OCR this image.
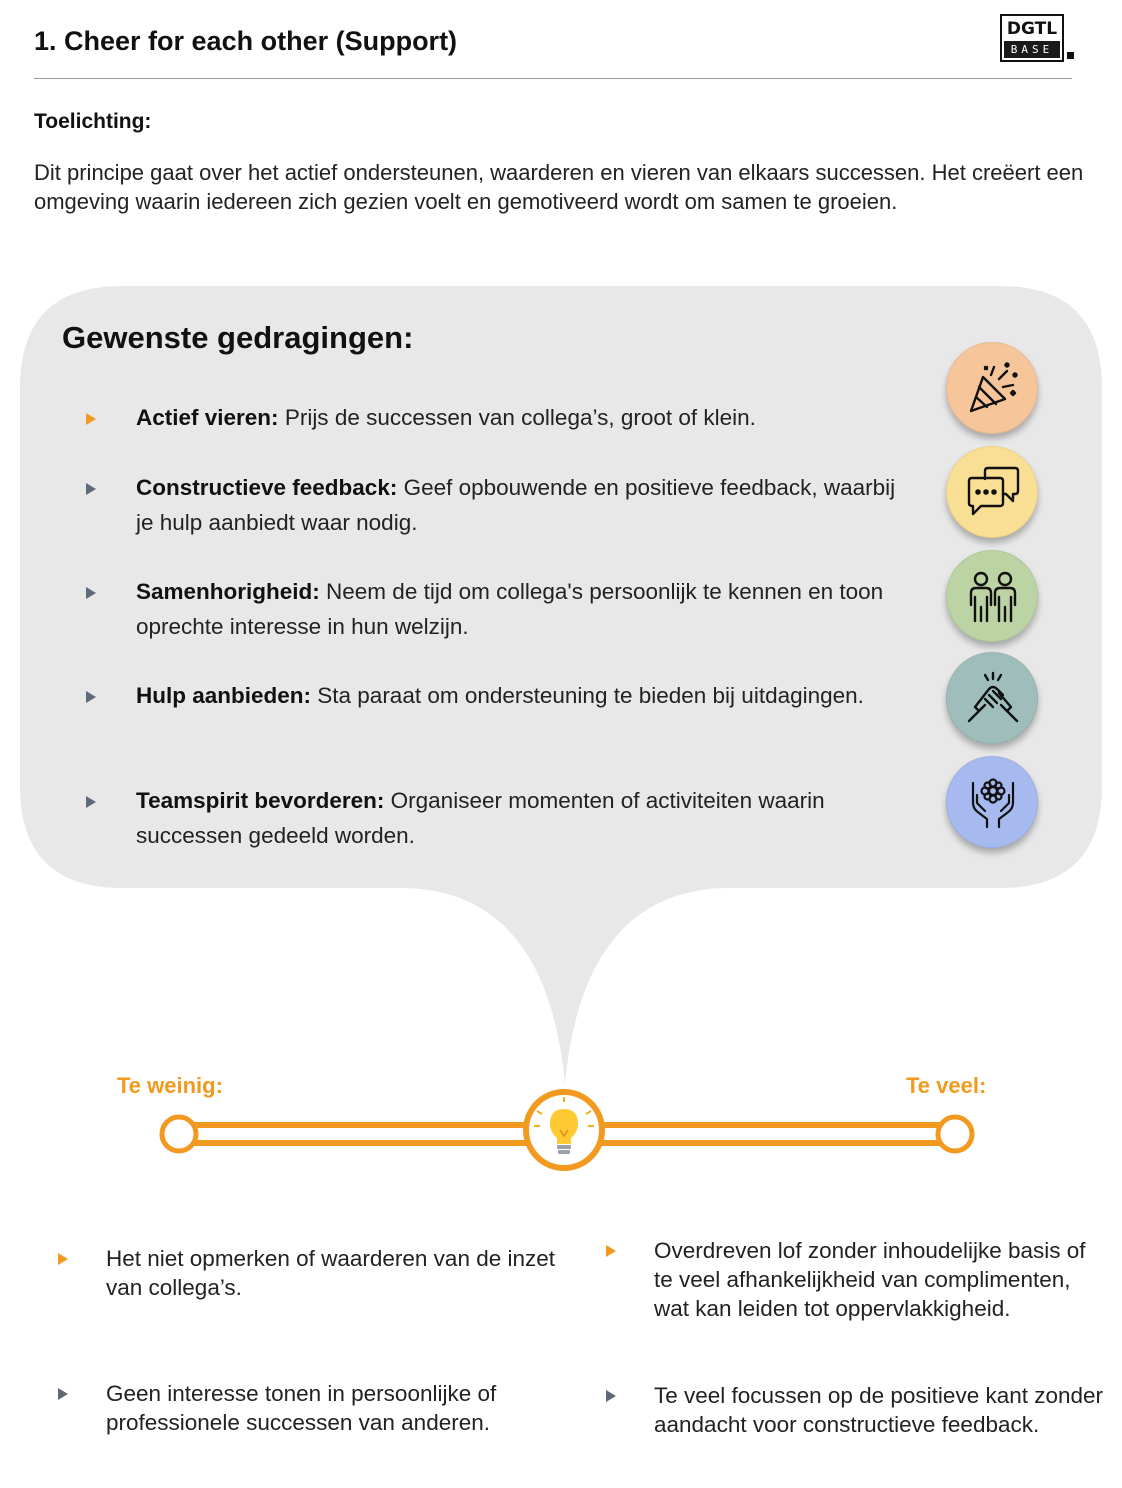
1. Cheer for each other (Support)	DGTL
BASE
Toelichting:
Dit principe gaat over het actief ondersteunen, waarderen en vieren van elkaars successen. Het creëert een omgeving waarin iedereen zich gezien voelt en gemotiveerd wordt om samen te groeien.
Gewenste gedragingen:
Actief vieren: Prijs de successen van collega’s, groot of klein.
Constructieve feedback: Geef opbouwende en positieve feedback, waarbij je hulp aanbiedt waar nodig.
Samenhorigheid: Neem de tijd om collega's persoonlijk te kennen en toon oprechte interesse in hun welzijn.
Hulp aanbieden: Sta paraat om ondersteuning te bieden bij uitdagingen.
Teamspirit bevorderen: Organiseer momenten of activiteiten waarin successen gedeeld worden.
Te weinig:	Te veel:
Het niet opmerken of waarderen van de inzet van collega’s.
Geen interesse tonen in persoonlijke of professionele successen van anderen.
Overdreven lof zonder inhoudelijke basis of te veel afhankelijkheid van complimenten, wat kan leiden tot oppervlakkigheid.
Te veel focussen op de positieve kant zonder aandacht voor constructieve feedback.
